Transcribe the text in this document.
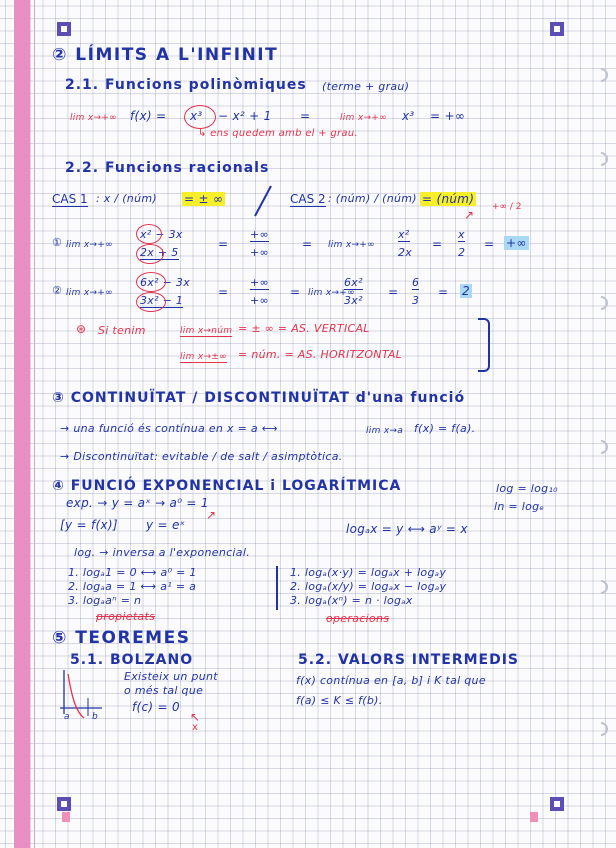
② LÍMITS A L'INFINIT
2.1. Funcions polinòmiques (terme + grau)
lim x→+∞ f(x) = x³ − x² + 1 =	lim x→+∞ x³ = +∞
↳ ens quedem amb el + grau.
2.2. Funcions racionals
CAS 1 : x / (núm) = ± ∞	CAS 2 : (núm) / (núm) = (núm)
+∞ / 2
↗
① lim x→+∞
x² − 3x
2x + 5
=
+∞
+∞
= lim x→+∞
x²
2x
=
x
2
= +∞
② lim x→+∞
6x² − 3x
3x² − 1
=
+∞
+∞
= lim x→+∞
6x²
3x²
=
6
3
= 2
⊛ Si tenim	lim x→núm = ± ∞ = AS. VERTICAL
lim x→±∞ = núm. = AS. HORITZONTAL
③ CONTINUÏTAT / DISCONTINUÏTAT d'una funció
→ una funció és contínua en x = a ⟷	lim x→a f(x) = f(a).
→ Discontinuïtat: evitable / de salt / asimptòtica.
④ FUNCIÓ EXPONENCIAL i LOGARÍTMICA
exp. → y = aˣ → a⁰ = 1
[y = f(x)] y = eˣ
↗
log = log₁₀
ln = logₑ
logₐx = y ⟷ aʸ = x
log. → inversa a l'exponencial.
1. logₐ1 = 0 ⟷ a⁰ = 1
2. logₐa = 1 ⟷ a¹ = a
3. logₐaⁿ = n
propietats
1. logₐ(x·y) = logₐx + logₐy
2. logₐ(x/y) = logₐx − logₐy
3. logₐ(xⁿ) = n · logₐx
operacions
⑤ TEOREMES
5.1. BOLZANO
Existeix un punt
o més tal que
f(c) = 0
↖
x
a b
5.2. VALORS INTERMEDIS
f(x) contínua en [a, b] i K tal que
f(a) ≤ K ≤ f(b).
